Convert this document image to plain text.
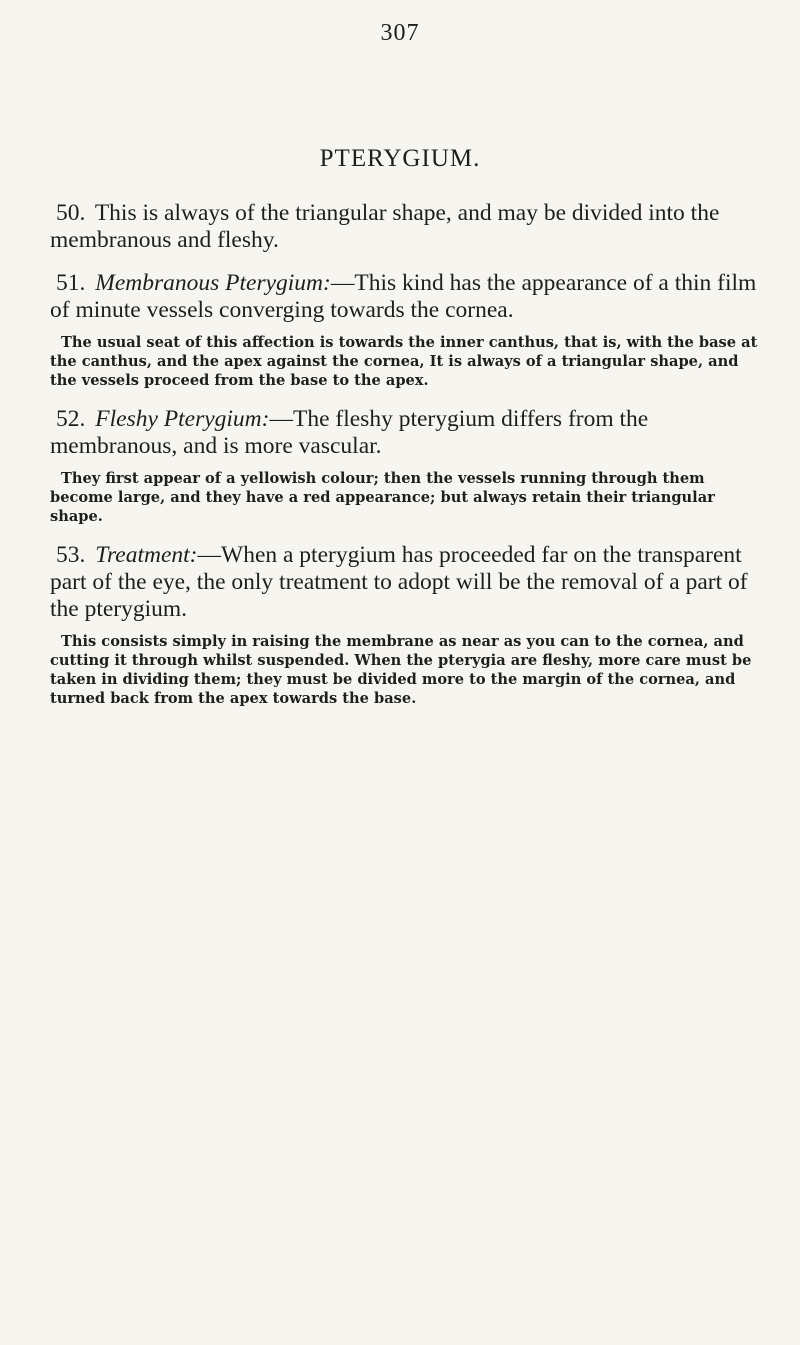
307
PTERYGIUM.

50. This is always of the triangular shape, and may be divided into the membranous and fleshy.

51. Membranous Pterygium:—This kind has the appearance of a thin film of minute vessels converging towards the cornea.

The usual seat of this affection is towards the inner canthus, that is, with the base at the canthus, and the apex against the cornea, It is always of a triangular shape, and the vessels proceed from the base to the apex.

52. Fleshy Pterygium:—The fleshy pterygium differs from the membranous, and is more vascular.

They first appear of a yellowish colour; then the vessels running through them become large, and they have a red appearance; but always retain their triangular shape.

53. Treatment:—When a pterygium has proceeded far on the transparent part of the eye, the only treatment to adopt will be the removal of a part of the pterygium.

This consists simply in raising the membrane as near as you can to the cornea, and cutting it through whilst suspended. When the pterygia are fleshy, more care must be taken in dividing them; they must be divided more to the margin of the cornea, and turned back from the apex towards the base.
